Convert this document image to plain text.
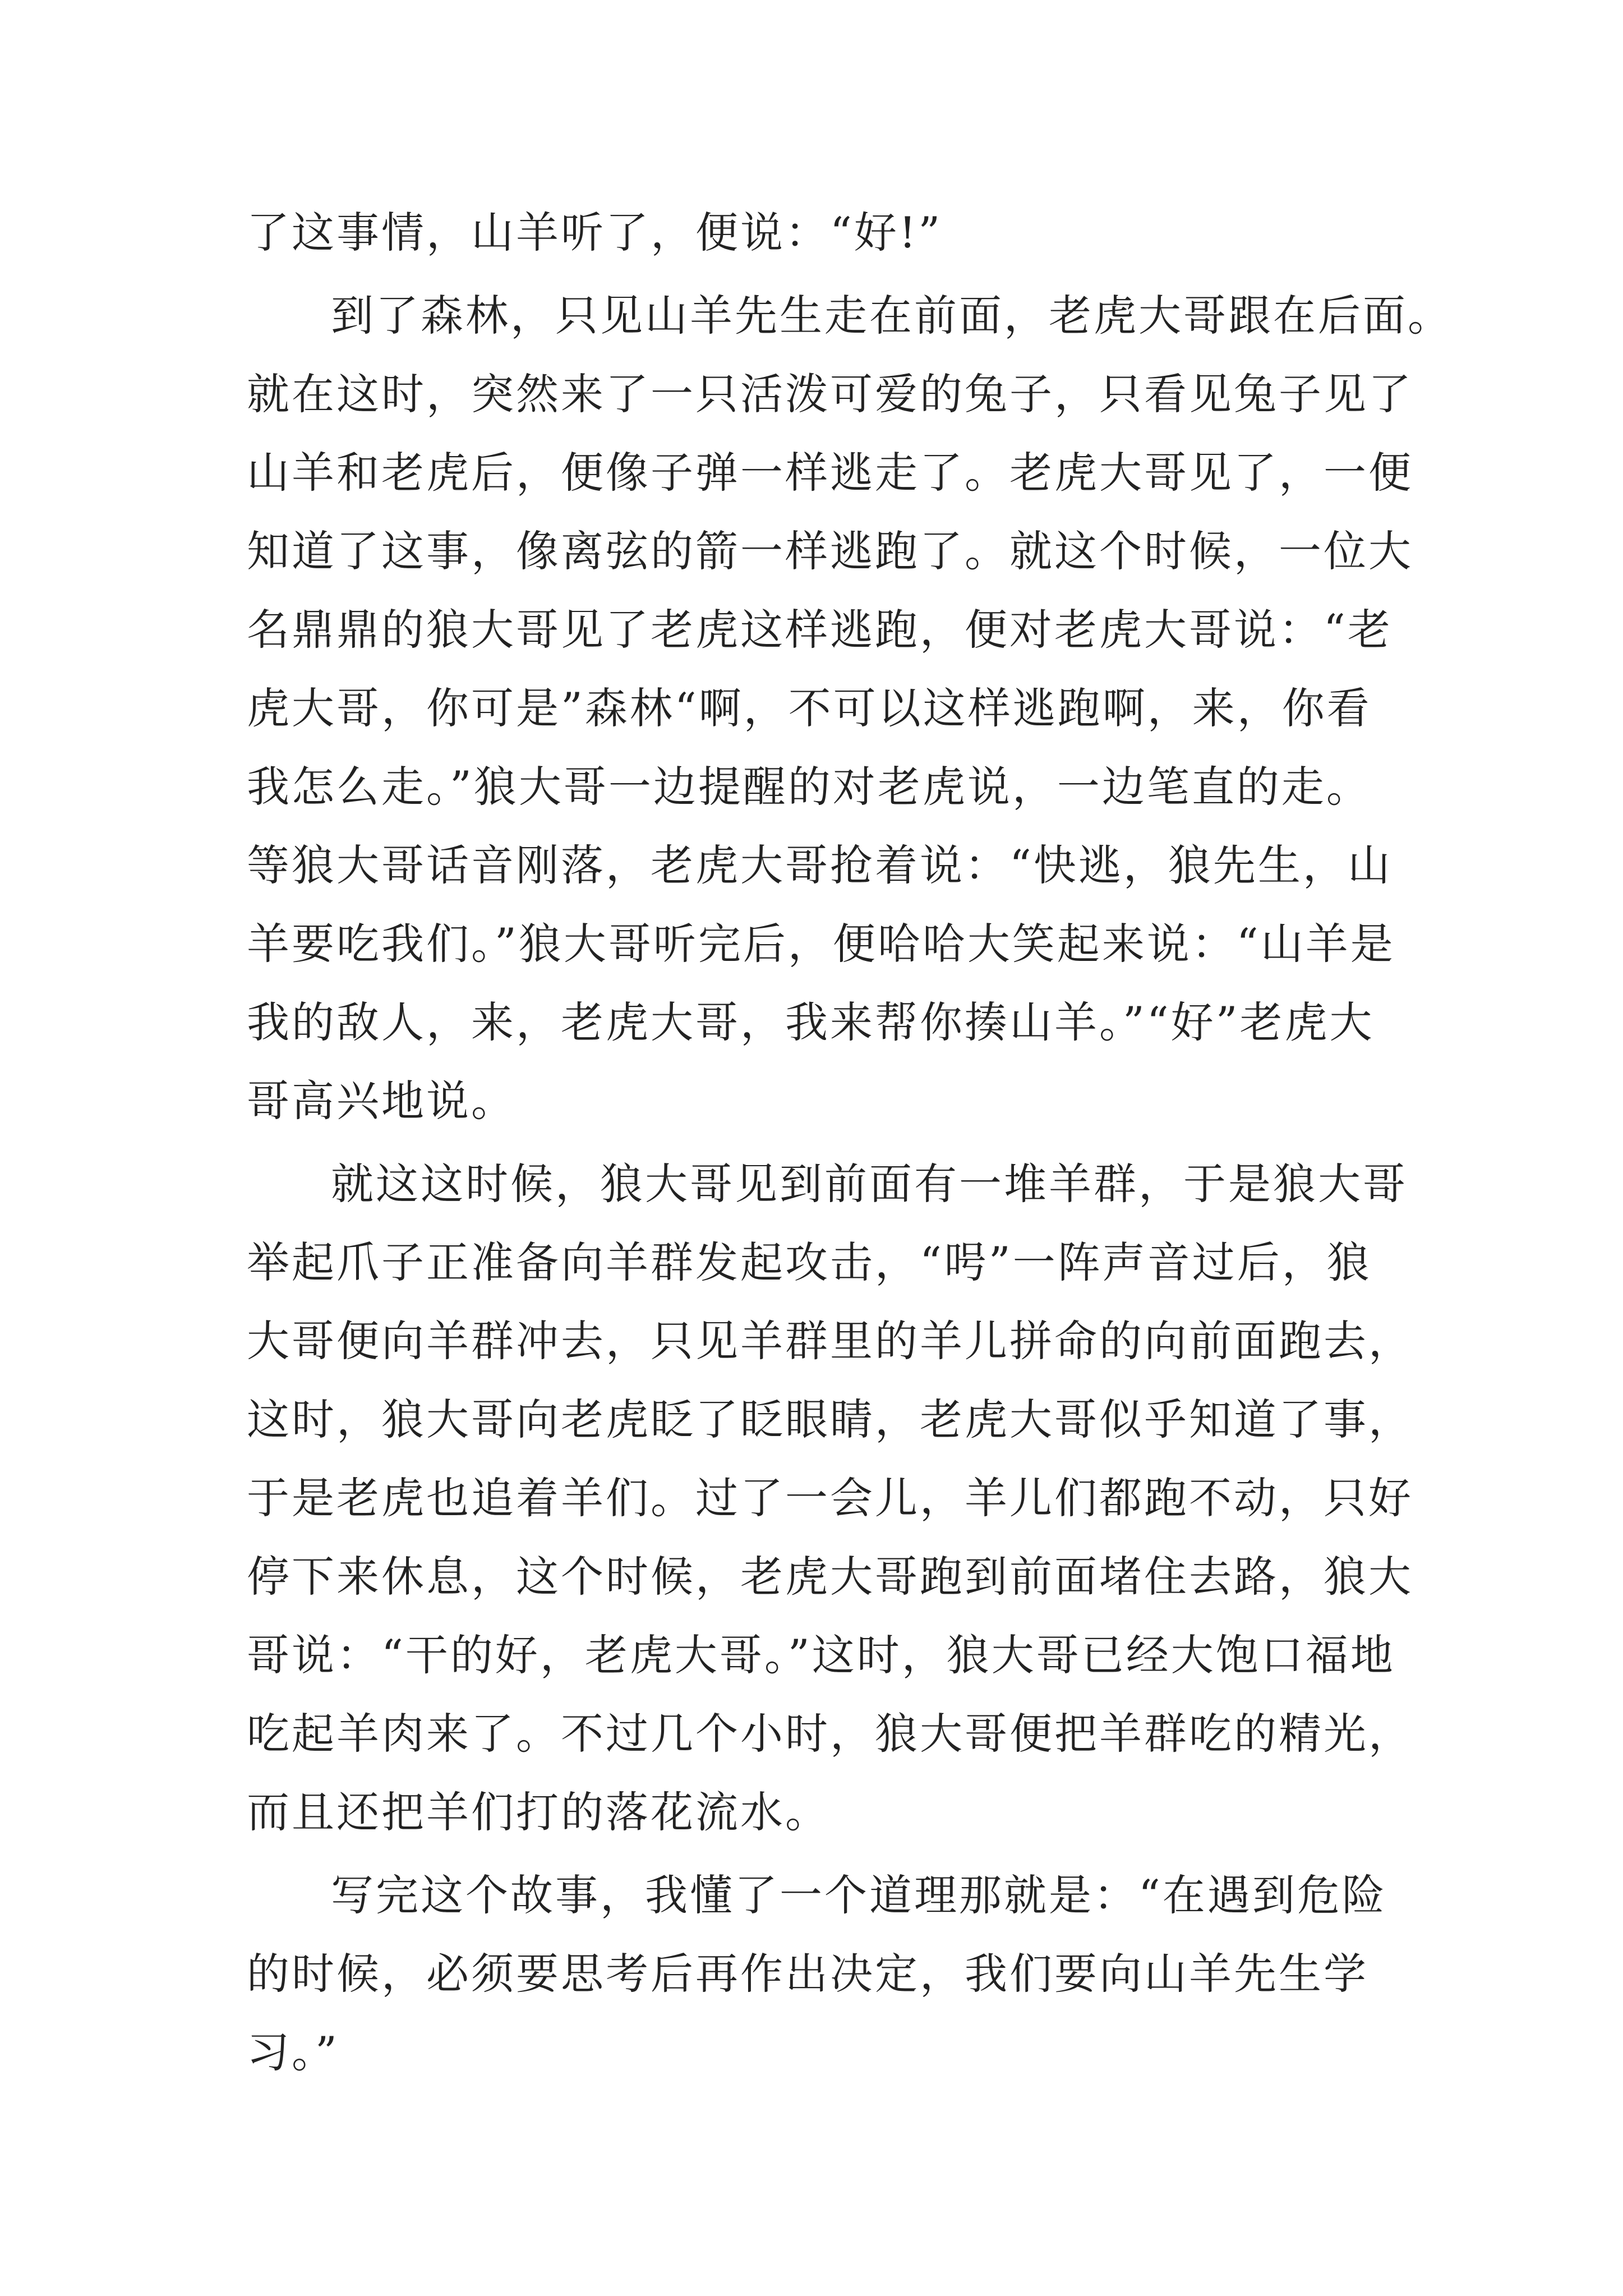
了这事情，山羊听了，便说：“好!”
到了森林，只见山羊先生走在前面，老虎大哥跟在后面。
就在这时，突然来了一只活泼可爱的兔子，只看见兔子见了
山羊和老虎后，便像子弹一样逃走了。老虎大哥见了，一便
知道了这事，像离弦的箭一样逃跑了。就这个时候，一位大
名鼎鼎的狼大哥见了老虎这样逃跑，便对老虎大哥说：“老
虎大哥，你可是”森林“啊，不可以这样逃跑啊，来，你看
我怎么走。”狼大哥一边提醒的对老虎说，一边笔直的走。
等狼大哥话音刚落，老虎大哥抢着说：“快逃，狼先生，山
羊要吃我们。”狼大哥听完后，便哈哈大笑起来说：“山羊是
我的敌人，来，老虎大哥，我来帮你揍山羊。”“好”老虎大
哥高兴地说。
就这这时候，狼大哥见到前面有一堆羊群，于是狼大哥
举起爪子正准备向羊群发起攻击，“呺”一阵声音过后，狼
大哥便向羊群冲去，只见羊群里的羊儿拼命的向前面跑去，
这时，狼大哥向老虎眨了眨眼睛，老虎大哥似乎知道了事，
于是老虎也追着羊们。过了一会儿，羊儿们都跑不动，只好
停下来休息，这个时候，老虎大哥跑到前面堵住去路，狼大
哥说：“干的好，老虎大哥。”这时，狼大哥已经大饱口福地
吃起羊肉来了。不过几个小时，狼大哥便把羊群吃的精光，
而且还把羊们打的落花流水。
写完这个故事，我懂了一个道理那就是：“在遇到危险
的时候，必须要思考后再作出决定，我们要向山羊先生学
习。”
